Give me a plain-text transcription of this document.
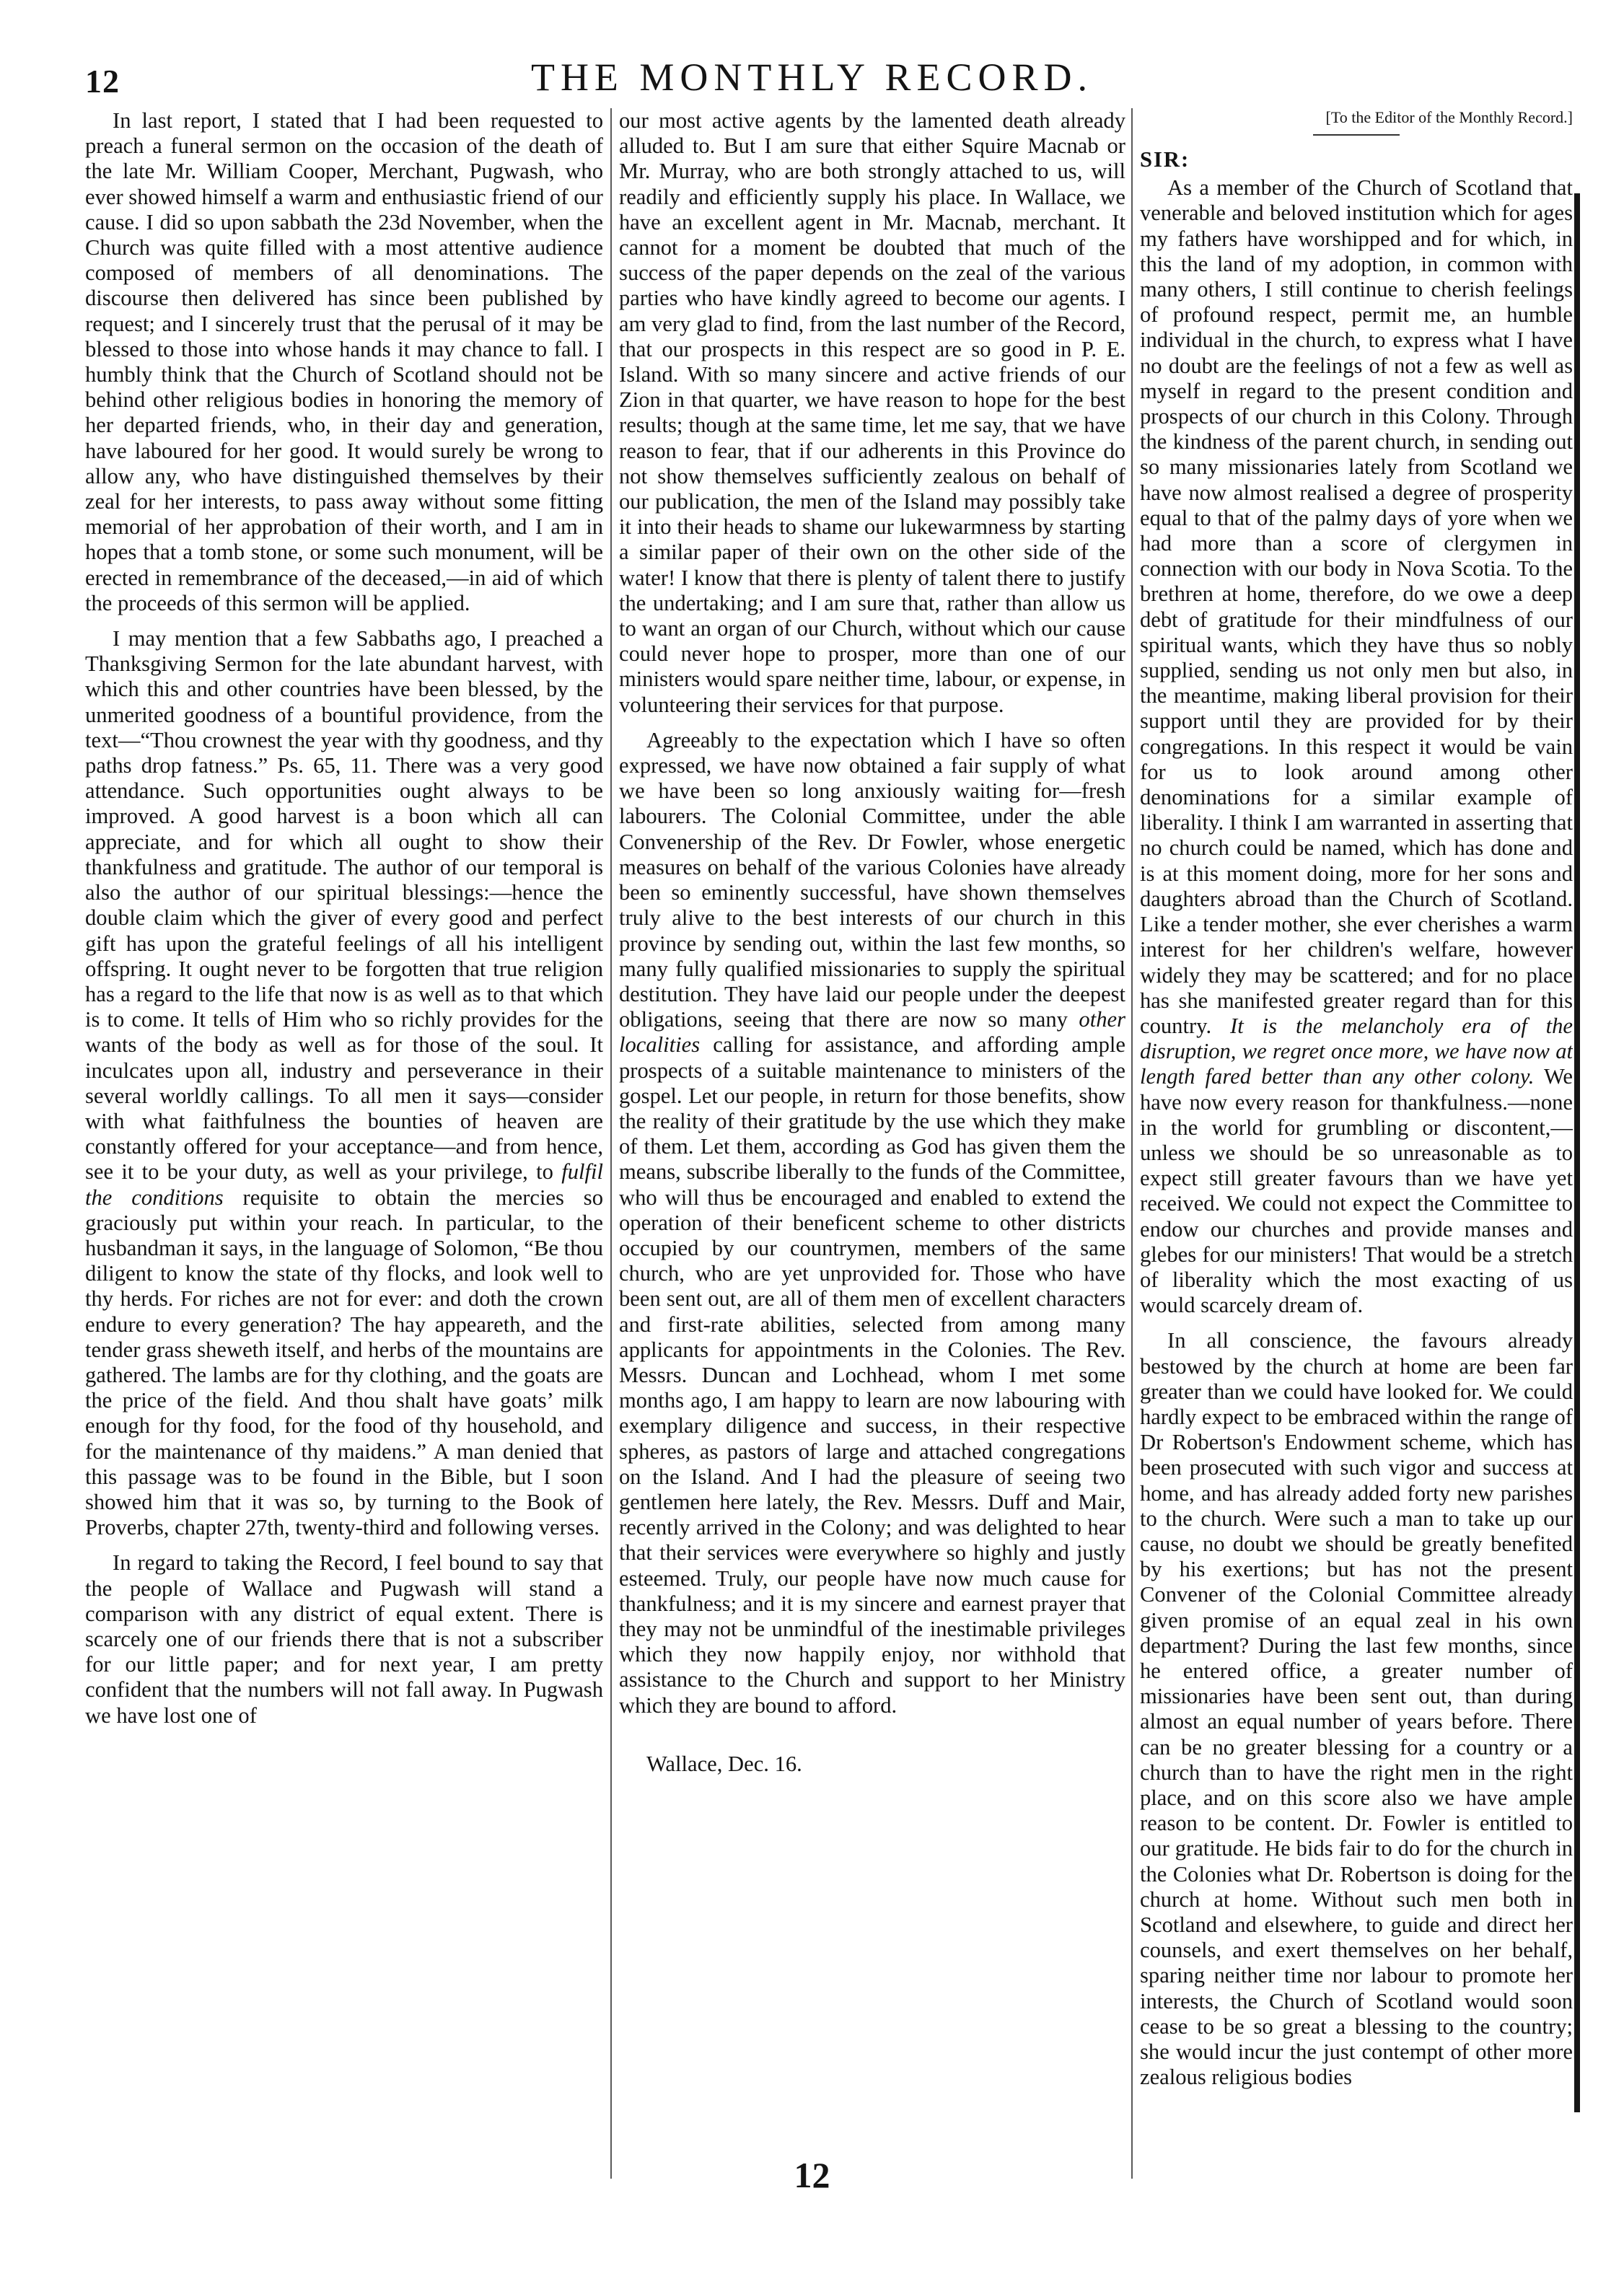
12	THE MONTHLY RECORD.

In last report, I stated that I had been requested to preach a funeral sermon on the occasion of the death of the late Mr. William Cooper, Merchant, Pugwash, who ever showed himself a warm and enthusiastic friend of our cause. I did so upon sabbath the 23d November, when the Church was quite filled with a most attentive audience composed of members of all denominations. The discourse then delivered has since been published by request; and I sincerely trust that the perusal of it may be blessed to those into whose hands it may chance to fall. I humbly think that the Church of Scotland should not be behind other religious bodies in honoring the memory of her departed friends, who, in their day and generation, have laboured for her good. It would surely be wrong to allow any, who have distinguished themselves by their zeal for her interests, to pass away without some fitting memorial of her approbation of their worth, and I am in hopes that a tomb stone, or some such monument, will be erected in remembrance of the deceased,—in aid of which the proceeds of this sermon will be applied.

I may mention that a few Sabbaths ago, I preached a Thanksgiving Sermon for the late abundant harvest, with which this and other countries have been blessed, by the unmerited goodness of a bountiful providence, from the text—“Thou crownest the year with thy goodness, and thy paths drop fatness.” Ps. 65, 11. There was a very good attendance. Such opportunities ought always to be improved. A good harvest is a boon which all can appreciate, and for which all ought to show their thankfulness and gratitude. The author of our temporal is also the author of our spiritual blessings:—hence the double claim which the giver of every good and perfect gift has upon the grateful feelings of all his intelligent offspring. It ought never to be forgotten that true religion has a regard to the life that now is as well as to that which is to come. It tells of Him who so richly provides for the wants of the body as well as for those of the soul. It inculcates upon all, industry and perseverance in their several worldly callings. To all men it says—consider with what faithfulness the bounties of heaven are constantly offered for your acceptance—and from hence, see it to be your duty, as well as your privilege, to fulfil the conditions requisite to obtain the mercies so graciously put within your reach. In particular, to the husbandman it says, in the language of Solomon, “Be thou diligent to know the state of thy flocks, and look well to thy herds. For riches are not for ever: and doth the crown endure to every generation? The hay appeareth, and the tender grass sheweth itself, and herbs of the mountains are gathered. The lambs are for thy clothing, and the goats are the price of the field. And thou shalt have goats’ milk enough for thy food, for the food of thy household, and for the maintenance of thy maidens.” A man denied that this passage was to be found in the Bible, but I soon showed him that it was so, by turning to the Book of Proverbs, chapter 27th, twenty-third and following verses.

In regard to taking the Record, I feel bound to say that the people of Wallace and Pugwash will stand a comparison with any district of equal extent. There is scarcely one of our friends there that is not a subscriber for our little paper; and for next year, I am pretty confident that the numbers will not fall away. In Pugwash we have lost one of

our most active agents by the lamented death already alluded to. But I am sure that either Squire Macnab or Mr. Murray, who are both strongly attached to us, will readily and efficiently supply his place. In Wallace, we have an excellent agent in Mr. Macnab, merchant. It cannot for a moment be doubted that much of the success of the paper depends on the zeal of the various parties who have kindly agreed to become our agents. I am very glad to find, from the last number of the Record, that our prospects in this respect are so good in P. E. Island. With so many sincere and active friends of our Zion in that quarter, we have reason to hope for the best results; though at the same time, let me say, that we have reason to fear, that if our adherents in this Province do not show themselves sufficiently zealous on behalf of our publication, the men of the Island may possibly take it into their heads to shame our lukewarmness by starting a similar paper of their own on the other side of the water! I know that there is plenty of talent there to justify the undertaking; and I am sure that, rather than allow us to want an organ of our Church, without which our cause could never hope to prosper, more than one of our ministers would spare neither time, labour, or expense, in volunteering their services for that purpose.

Agreeably to the expectation which I have so often expressed, we have now obtained a fair supply of what we have been so long anxiously waiting for—fresh labourers. The Colonial Committee, under the able Convenership of the Rev. Dr Fowler, whose energetic measures on behalf of the various Colonies have already been so eminently successful, have shown themselves truly alive to the best interests of our church in this province by sending out, within the last few months, so many fully qualified missionaries to supply the spiritual destitution. They have laid our people under the deepest obligations, seeing that there are now so many other localities calling for assistance, and affording ample prospects of a suitable maintenance to ministers of the gospel. Let our people, in return for those benefits, show the reality of their gratitude by the use which they make of them. Let them, according as God has given them the means, subscribe liberally to the funds of the Committee, who will thus be encouraged and enabled to extend the operation of their beneficent scheme to other districts occupied by our countrymen, members of the same church, who are yet unprovided for. Those who have been sent out, are all of them men of excellent characters and first-rate abilities, selected from among many applicants for appointments in the Colonies. The Rev. Messrs. Duncan and Lochhead, whom I met some months ago, I am happy to learn are now labouring with exemplary diligence and success, in their respective spheres, as pastors of large and attached congregations on the Island. And I had the pleasure of seeing two gentlemen here lately, the Rev. Messrs. Duff and Mair, recently arrived in the Colony; and was delighted to hear that their services were everywhere so highly and justly esteemed. Truly, our people have now much cause for thankfulness; and it is my sincere and earnest prayer that they may not be unmindful of the inestimable privileges which they now happily enjoy, nor withhold that assistance to the Church and support to her Ministry which they are bound to afford.

Wallace, Dec. 16.

[To the Editor of the Monthly Record.]

SIR:

As a member of the Church of Scotland that venerable and beloved institution which for ages my fathers have worshipped and for which, in this the land of my adoption, in common with many others, I still continue to cherish feelings of profound respect, permit me, an humble individual in the church, to express what I have no doubt are the feelings of not a few as well as myself in regard to the present condition and prospects of our church in this Colony. Through the kindness of the parent church, in sending out so many missionaries lately from Scotland we have now almost realised a degree of prosperity equal to that of the palmy days of yore when we had more than a score of clergymen in connection with our body in Nova Scotia. To the brethren at home, therefore, do we owe a deep debt of gratitude for their mindfulness of our spiritual wants, which they have thus so nobly supplied, sending us not only men but also, in the meantime, making liberal provision for their support until they are provided for by their congregations. In this respect it would be vain for us to look around among other denominations for a similar example of liberality. I think I am warranted in asserting that no church could be named, which has done and is at this moment doing, more for her sons and daughters abroad than the Church of Scotland. Like a tender mother, she ever cherishes a warm interest for her children's welfare, however widely they may be scattered; and for no place has she manifested greater regard than for this country. It is the melancholy era of the disruption, we regret once more, we have now at length fared better than any other colony. We have now every reason for thankfulness.—none in the world for grumbling or discontent,—unless we should be so unreasonable as to expect still greater favours than we have yet received. We could not expect the Committee to endow our churches and provide manses and glebes for our ministers! That would be a stretch of liberality which the most exacting of us would scarcely dream of.

In all conscience, the favours already bestowed by the church at home are been far greater than we could have looked for. We could hardly expect to be embraced within the range of Dr Robertson's Endowment scheme, which has been prosecuted with such vigor and success at home, and has already added forty new parishes to the church. Were such a man to take up our cause, no doubt we should be greatly benefited by his exertions; but has not the present Convener of the Colonial Committee already given promise of an equal zeal in his own department? During the last few months, since he entered office, a greater number of missionaries have been sent out, than during almost an equal number of years before. There can be no greater blessing for a country or a church than to have the right men in the right place, and on this score also we have ample reason to be content. Dr. Fowler is entitled to our gratitude. He bids fair to do for the church in the Colonies what Dr. Robertson is doing for the church at home. Without such men both in Scotland and elsewhere, to guide and direct her counsels, and exert themselves on her behalf, sparing neither time nor labour to promote her interests, the Church of Scotland would soon cease to be so great a blessing to the country; she would incur the just contempt of other more zealous religious bodies

12
